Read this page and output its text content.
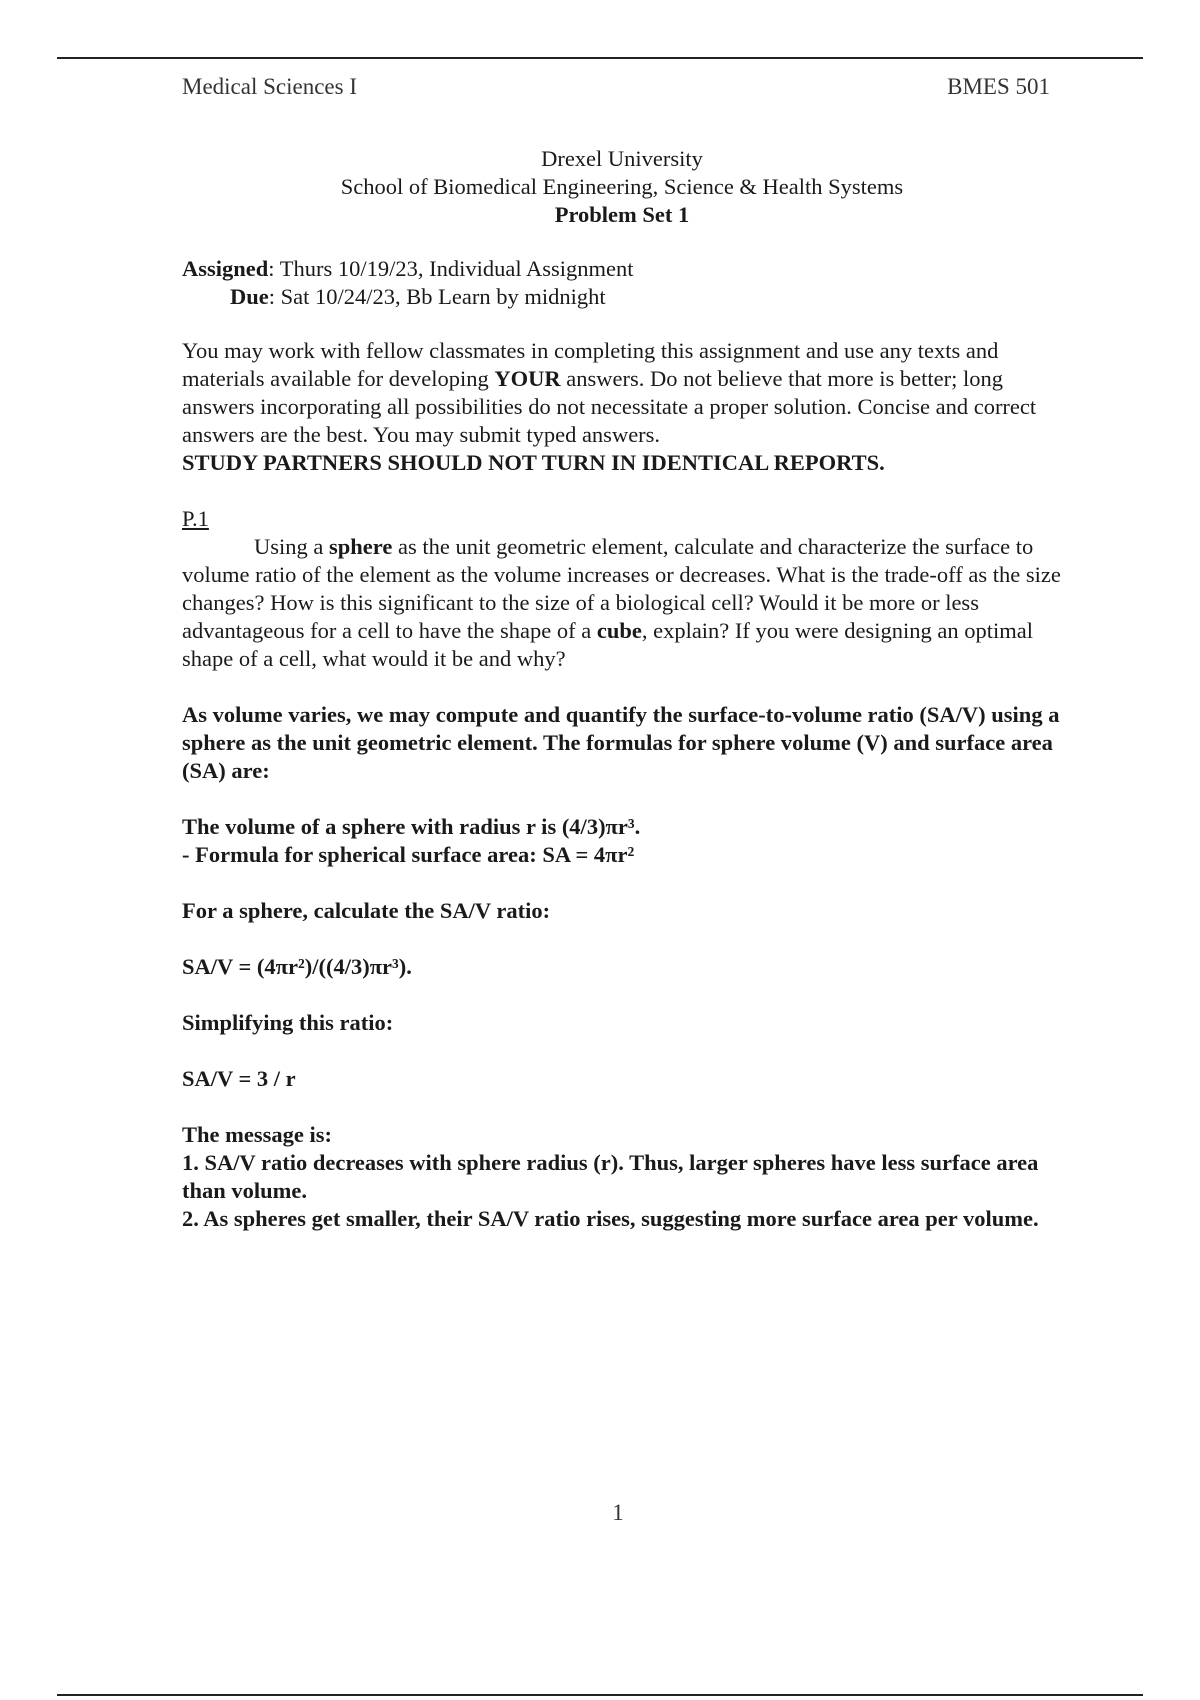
Medical Sciences I	BMES 501
Drexel University
School of Biomedical Engineering, Science & Health Systems
Problem Set 1
Assigned: Thurs 10/19/23, Individual Assignment
Due: Sat 10/24/23, Bb Learn by midnight

You may work with fellow classmates in completing this assignment and use any texts and materials available for developing YOUR answers. Do not believe that more is better; long answers incorporating all possibilities do not necessitate a proper solution. Concise and correct answers are the best. You may submit typed answers.

STUDY PARTNERS SHOULD NOT TURN IN IDENTICAL REPORTS.

P.1

Using a sphere as the unit geometric element, calculate and characterize the surface to volume ratio of the element as the volume increases or decreases. What is the trade-off as the size changes? How is this significant to the size of a biological cell? Would it be more or less advantageous for a cell to have the shape of a cube, explain? If you were designing an optimal shape of a cell, what would it be and why?

As volume varies, we may compute and quantify the surface-to-volume ratio (SA/V) using a sphere as the unit geometric element. The formulas for sphere volume (V) and surface area (SA) are:

The volume of a sphere with radius r is (4/3)πr³.

- Formula for spherical surface area: SA = 4πr²

For a sphere, calculate the SA/V ratio:

SA/V = (4πr²)/((4/3)πr³).

Simplifying this ratio:

SA/V = 3 / r

The message is:

1. SA/V ratio decreases with sphere radius (r). Thus, larger spheres have less surface area than volume.

2. As spheres get smaller, their SA/V ratio rises, suggesting more surface area per volume.

1
